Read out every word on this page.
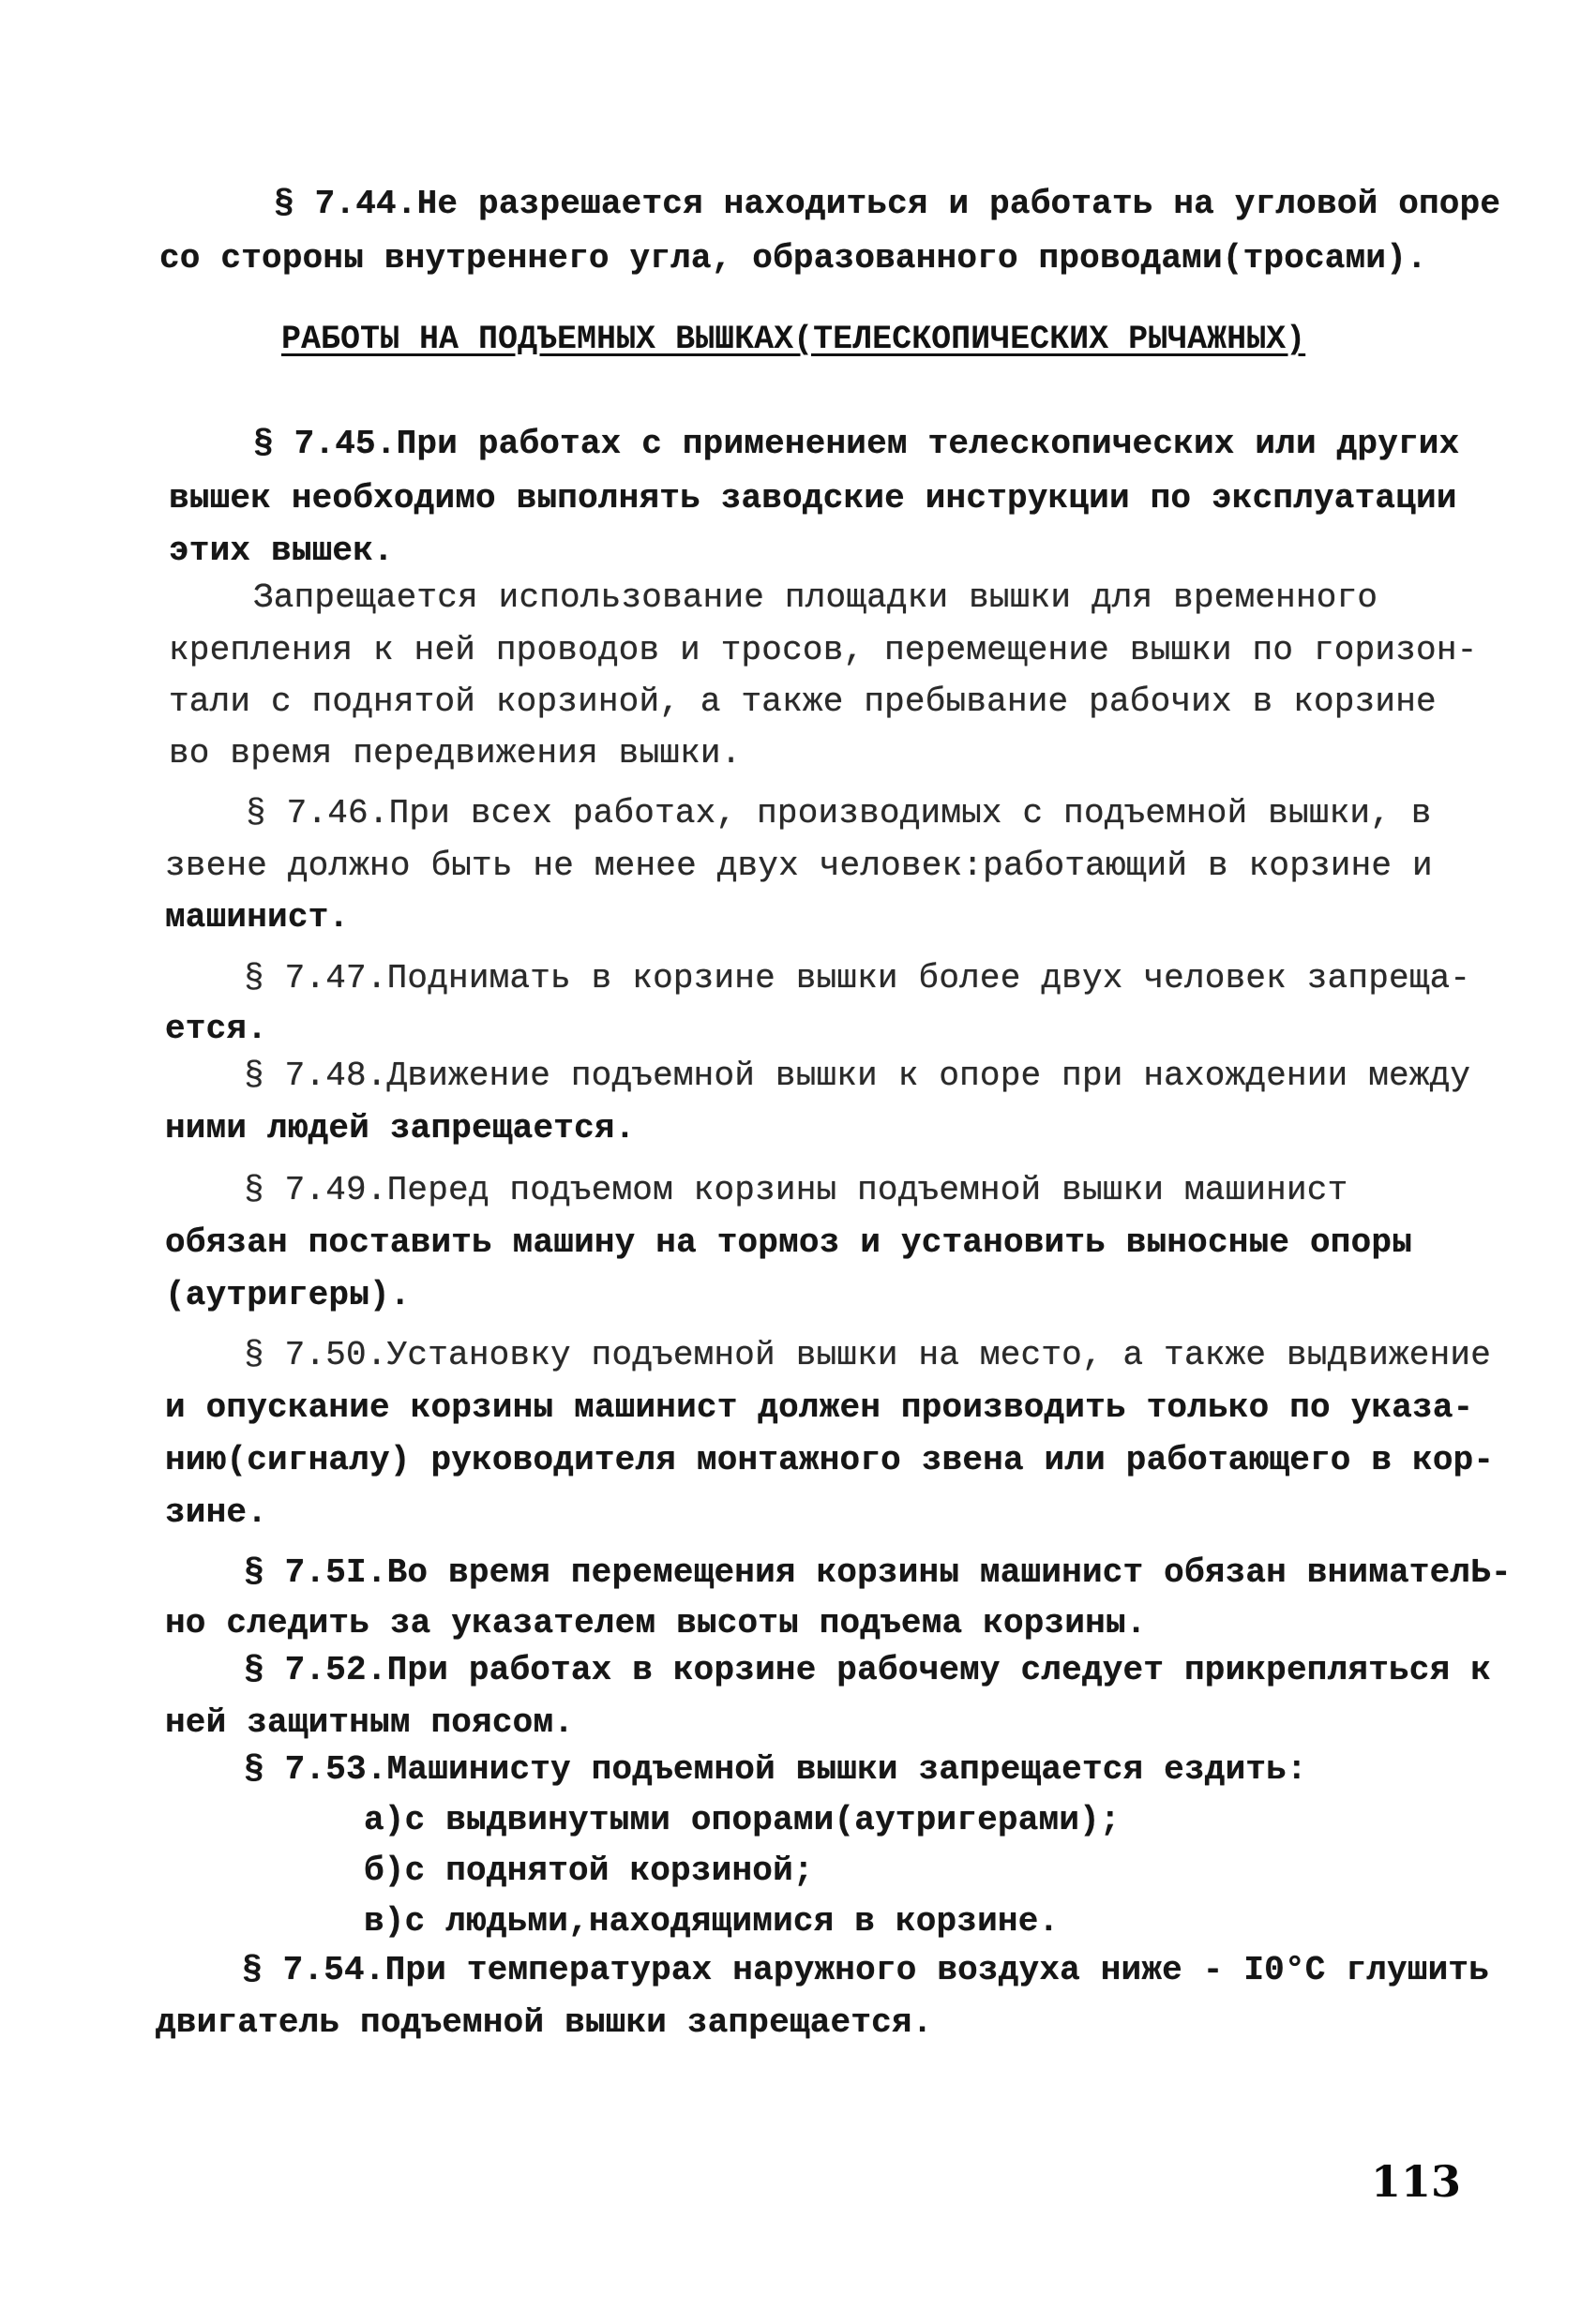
§ 7.44.Не разрешается находиться и работать на угловой опоре
со стороны внутреннего угла, образованного проводами(тросами).
РАБОТЫ НА ПОДЪЕМНЫХ ВЫШКАХ(ТЕЛЕСКОПИЧЕСКИХ РЫЧАЖНЫХ)
§ 7.45.При работах с применением телескопических или других
вышек необходимо выполнять заводские инструкции по эксплуатации
этих вышек.
Запрещается использование площадки вышки для временного
крепления к ней проводов и тросов, перемещение вышки по горизон-
тали с поднятой корзиной, а также пребывание рабочих в корзине
во время передвижения вышки.
§ 7.46.При всех работах, производимых с подъемной вышки, в
звене должно быть не менее двух человек:работающий в корзине и
машинист.
§ 7.47.Поднимать в корзине вышки более двух человек запреща-
ется.
§ 7.48.Движение подъемной вышки к опоре при нахождении между
ними людей запрещается.
§ 7.49.Перед подъемом корзины подъемной вышки машинист
обязан поставить машину на тормоз и установить выносные опоры
(аутригеры).
§ 7.50.Установку подъемной вышки на место, а также выдвижение
и опускание корзины машинист должен производить только по указа-
нию(сигналу) руководителя монтажного звена или работающего в кор-
зине.
§ 7.5I.Во время перемещения корзины машинист обязан внимателЬ-
но следить за указателем высоты подъема корзины.
§ 7.52.При работах в корзине рабочему следует прикрепляться к
ней защитным поясом.
§ 7.53.Машинисту подъемной вышки запрещается ездить:
а)с выдвинутыми опорами(аутригерами);
б)с поднятой корзиной;
в)с людьми,находящимися в корзине.
§ 7.54.При температурах наружного воздуха ниже - I0°С глушить
двигатель подъемной вышки запрещается.
113
